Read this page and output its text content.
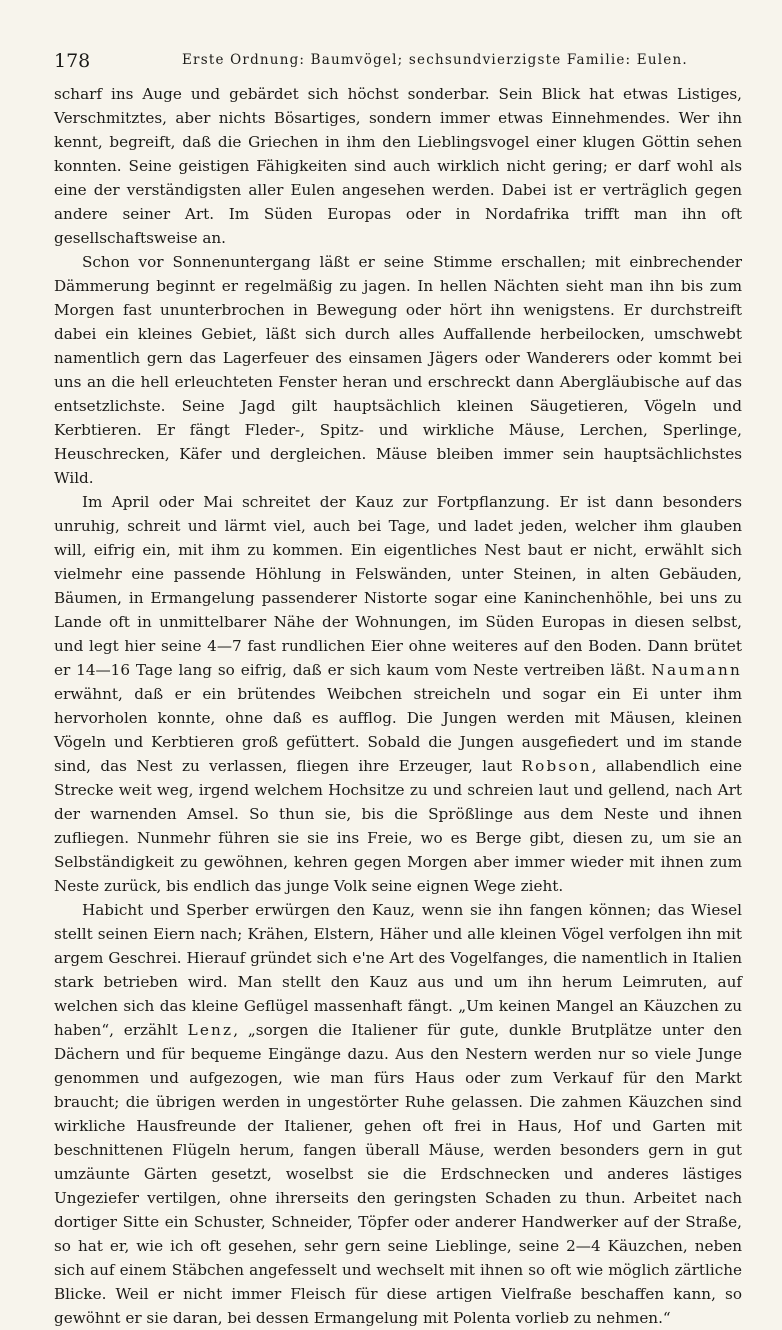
178	Erste Ordnung: Baumvögel; sechsundvierzigste Familie: Eulen.

scharf ins Auge und gebärdet sich höchst sonderbar. Sein Blick hat etwas Listiges, Verschmitztes, aber nichts Bösartiges, sondern immer etwas Einnehmendes. Wer ihn kennt, begreift, daß die Griechen in ihm den Lieblingsvogel einer klugen Göttin sehen konnten. Seine geistigen Fähigkeiten sind auch wirklich nicht gering; er darf wohl als eine der verständigsten aller Eulen angesehen werden. Dabei ist er verträglich gegen andere seiner Art. Im Süden Europas oder in Nordafrika trifft man ihn oft gesellschaftsweise an.

Schon vor Sonnenuntergang läßt er seine Stimme erschallen; mit einbrechender Dämmerung beginnt er regelmäßig zu jagen. In hellen Nächten sieht man ihn bis zum Morgen fast ununterbrochen in Bewegung oder hört ihn wenigstens. Er durchstreift dabei ein kleines Gebiet, läßt sich durch alles Auffallende herbeilocken, umschwebt namentlich gern das Lagerfeuer des einsamen Jägers oder Wanderers oder kommt bei uns an die hell erleuchteten Fenster heran und erschreckt dann Abergläubische auf das entsetzlichste. Seine Jagd gilt hauptsächlich kleinen Säugetieren, Vögeln und Kerbtieren. Er fängt Fleder-, Spitz- und wirkliche Mäuse, Lerchen, Sperlinge, Heuschrecken, Käfer und dergleichen. Mäuse bleiben immer sein hauptsächlichstes Wild.

Im April oder Mai schreitet der Kauz zur Fortpflanzung. Er ist dann besonders unruhig, schreit und lärmt viel, auch bei Tage, und ladet jeden, welcher ihm glauben will, eifrig ein, mit ihm zu kommen. Ein eigentliches Nest baut er nicht, erwählt sich vielmehr eine passende Höhlung in Felswänden, unter Steinen, in alten Gebäuden, Bäumen, in Ermangelung passenderer Nistorte sogar eine Kaninchenhöhle, bei uns zu Lande oft in unmittelbarer Nähe der Wohnungen, im Süden Europas in diesen selbst, und legt hier seine 4—7 fast rundlichen Eier ohne weiteres auf den Boden. Dann brütet er 14—16 Tage lang so eifrig, daß er sich kaum vom Neste vertreiben läßt. Naumann erwähnt, daß er ein brütendes Weibchen streicheln und sogar ein Ei unter ihm hervorholen konnte, ohne daß es aufflog. Die Jungen werden mit Mäusen, kleinen Vögeln und Kerbtieren groß gefüttert. Sobald die Jungen ausgefiedert und im stande sind, das Nest zu verlassen, fliegen ihre Erzeuger, laut Robson, allabendlich eine Strecke weit weg, irgend welchem Hochsitze zu und schreien laut und gellend, nach Art der warnenden Amsel. So thun sie, bis die Sprößlinge aus dem Neste und ihnen zufliegen. Nunmehr führen sie sie ins Freie, wo es Berge gibt, diesen zu, um sie an Selbständigkeit zu gewöhnen, kehren gegen Morgen aber immer wieder mit ihnen zum Neste zurück, bis endlich das junge Volk seine eignen Wege zieht.

Habicht und Sperber erwürgen den Kauz, wenn sie ihn fangen können; das Wiesel stellt seinen Eiern nach; Krähen, Elstern, Häher und alle kleinen Vögel verfolgen ihn mit argem Geschrei. Hierauf gründet sich e'ne Art des Vogelfanges, die namentlich in Italien stark betrieben wird. Man stellt den Kauz aus und um ihn herum Leimruten, auf welchen sich das kleine Geflügel massenhaft fängt. „Um keinen Mangel an Käuzchen zu haben“, erzählt Lenz, „sorgen die Italiener für gute, dunkle Brutplätze unter den Dächern und für bequeme Eingänge dazu. Aus den Nestern werden nur so viele Junge genommen und aufgezogen, wie man fürs Haus oder zum Verkauf für den Markt braucht; die übrigen werden in ungestörter Ruhe gelassen. Die zahmen Käuzchen sind wirkliche Hausfreunde der Italiener, gehen oft frei in Haus, Hof und Garten mit beschnittenen Flügeln herum, fangen überall Mäuse, werden besonders gern in gut umzäunte Gärten gesetzt, woselbst sie die Erdschnecken und anderes lästiges Ungeziefer vertilgen, ohne ihrerseits den geringsten Schaden zu thun. Arbeitet nach dortiger Sitte ein Schuster, Schneider, Töpfer oder anderer Handwerker auf der Straße, so hat er, wie ich oft gesehen, sehr gern seine Lieblinge, seine 2—4 Käuzchen, neben sich auf einem Stäbchen angefesselt und wechselt mit ihnen so oft wie möglich zärtliche Blicke. Weil er nicht immer Fleisch für diese artigen Vielfraße beschaffen kann, so gewöhnt er sie daran, bei dessen Ermangelung mit Polenta vorlieb zu nehmen.“
